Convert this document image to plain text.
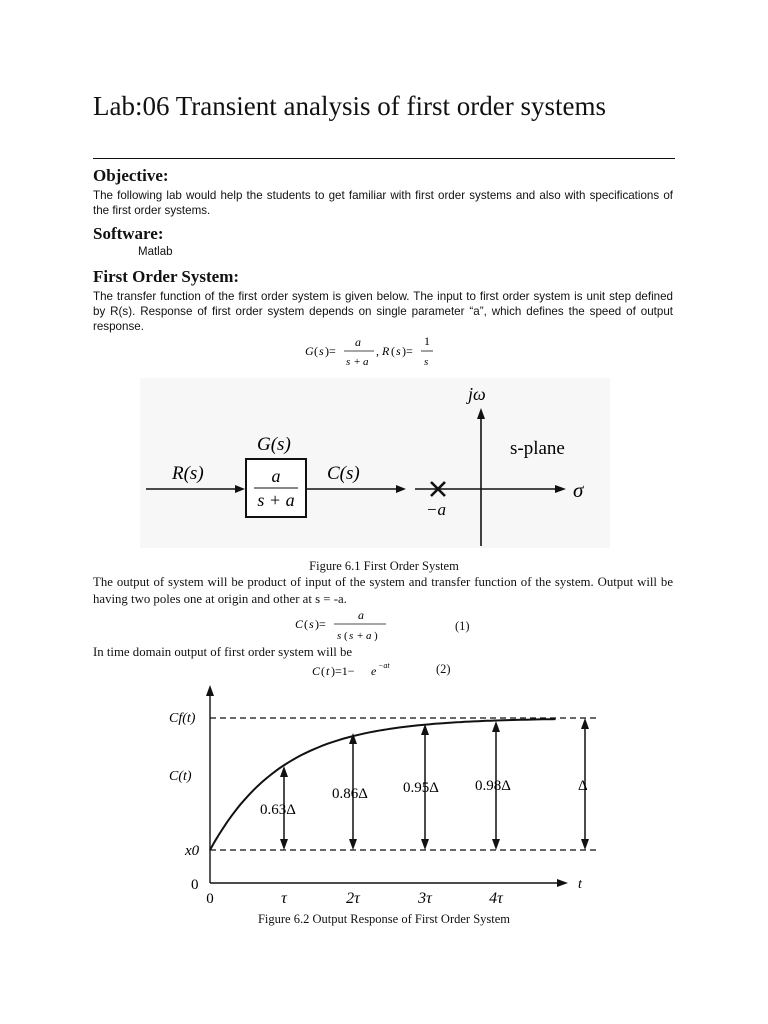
Lab:06 Transient analysis of first order systems
Objective:
The following lab would help the students to get familiar with first order systems and also with specifications of the first order systems.
Software:
Matlab
First Order System:
The transfer function of the first order system is given below. The input to first order system is unit step defined by R(s). Response of first order system depends on single parameter “a”, which defines the speed of output response.
G ( s )=
a
s + a
, R ( s )=
1
s
R(s)
G(s)
a
s + a
C(s)
jω
σ
s-plane
−a
Figure 6.1 First Order System
The output of system will be product of input of the system and transfer function of the system. Output will be having two poles one at origin and other at s = -a.
C ( s )=
a
s ( s + a )
(1)
In time domain output of first order system will be
C ( t )=1− e −at	(2)
Cf(t)
C(t)
x0
0
0	τ	2τ	3τ	4τ
t
0.63Δ
0.86Δ 0.95Δ 0.98Δ	Δ
Figure 6.2 Output Response of First Order System
